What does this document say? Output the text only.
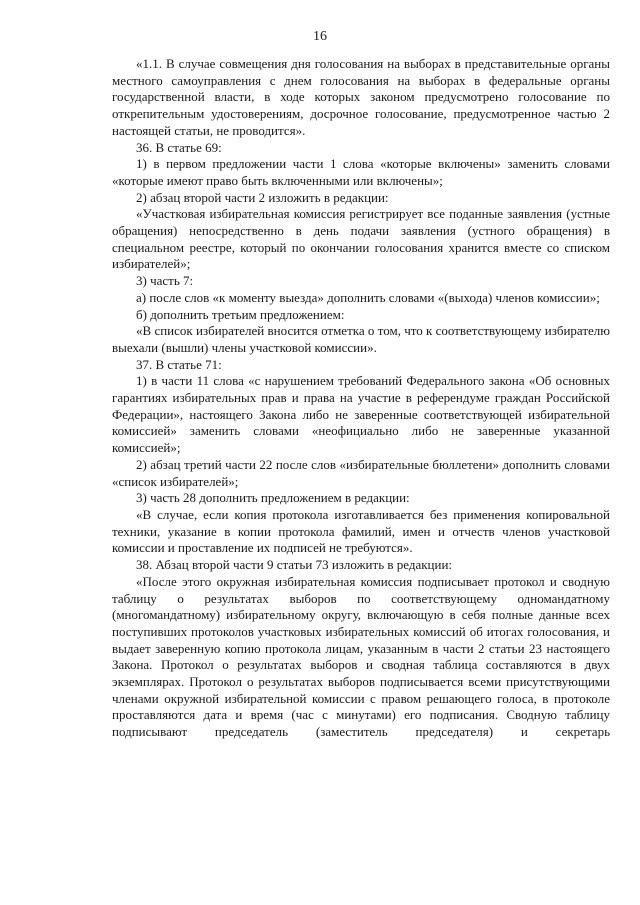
16

«1.1. В случае совмещения дня голосования на выборах в представительные органы местного самоуправления с днем голосования на выборах в федеральные органы государственной власти, в ходе которых законом предусмотрено голосование по открепительным удостоверениям, досрочное голосование, предусмотренное частью 2 настоящей статьи, не проводится».

36. В статье 69:

1) в первом предложении части 1 слова «которые включены» заменить словами «которые имеют право быть включенными или включены»;

2) абзац второй части 2 изложить в редакции:

«Участковая избирательная комиссия регистрирует все поданные заявления (устные обращения) непосредственно в день подачи заявления (устного обращения) в специальном реестре, который по окончании голосования хранится вместе со списком избирателей»;

3) часть 7:

а) после слов «к моменту выезда» дополнить словами «(выхода) членов комиссии»;

б) дополнить третьим предложением:

«В список избирателей вносится отметка о том, что к соответствующему избирателю выехали (вышли) члены участковой комиссии».

37. В статье 71:

1) в части 11 слова «с нарушением требований Федерального закона «Об основных гарантиях избирательных прав и права на участие в референдуме граждан Российской Федерации», настоящего Закона либо не заверенные соответствующей избирательной комиссией» заменить словами «неофициально либо не заверенные указанной комиссией»;

2) абзац третий части 22 после слов «избирательные бюллетени» дополнить словами «список избирателей»;

3) часть 28 дополнить предложением в редакции:

«В случае, если копия протокола изготавливается без применения копировальной техники, указание в копии протокола фамилий, имен и отчеств членов участковой комиссии и проставление их подписей не требуются».

38. Абзац второй части 9 статьи 73 изложить в редакции:

«После этого окружная избирательная комиссия подписывает протокол и сводную таблицу о результатах выборов по соответствующему одномандатному (многомандатному) избирательному округу, включающую в себя полные данные всех поступивших протоколов участковых избирательных комиссий об итогах голосования, и выдает заверенную копию протокола лицам, указанным в части 2 статьи 23 настоящего Закона. Протокол о результатах выборов и сводная таблица составляются в двух экземплярах. Протокол о результатах выборов подписывается всеми присутствующими членами окружной избирательной комиссии с правом решающего голоса, в протоколе проставляются дата и время (час с минутами) его подписания. Сводную таблицу подписывают председатель (заместитель председателя) и секретарь
